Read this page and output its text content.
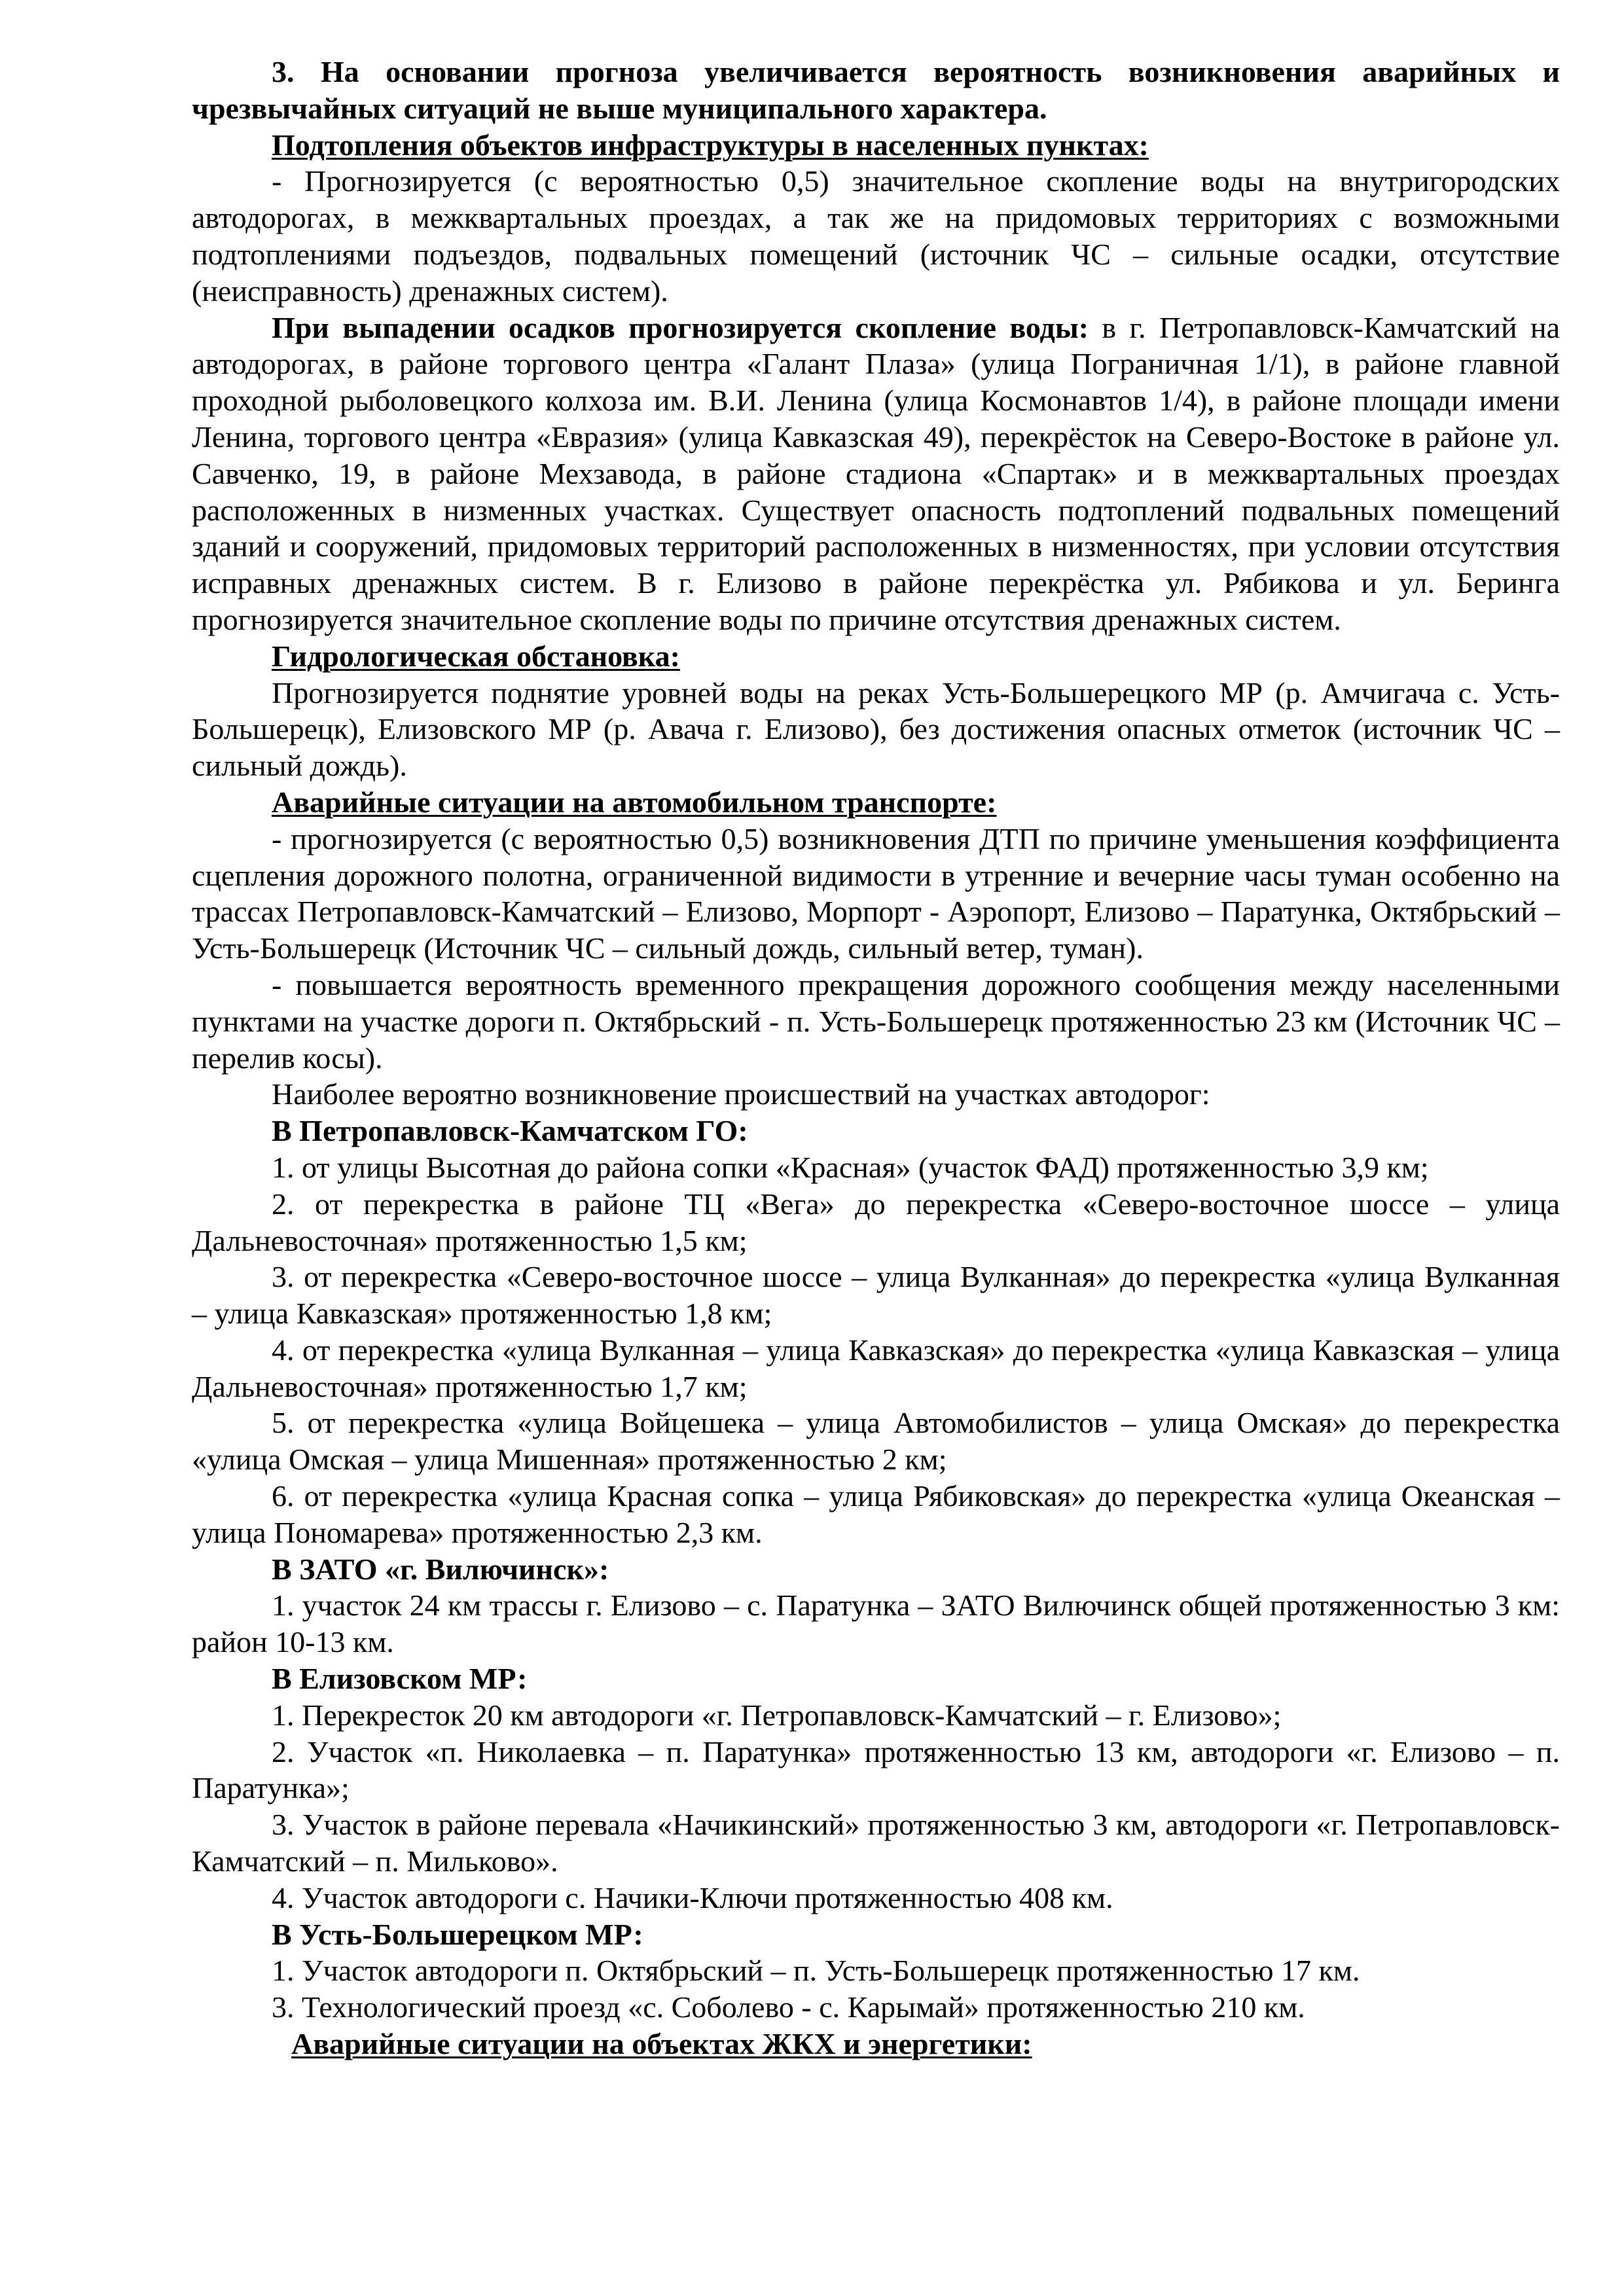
3. На основании прогноза увеличивается вероятность возникновения аварийных и чрезвычайных ситуаций не выше муниципального характера.

Подтопления объектов инфраструктуры в населенных пунктах:

- Прогнозируется (с вероятностью 0,5) значительное скопление воды на внутригородских автодорогах, в межквартальных проездах, а так же на придомовых территориях с возможными подтоплениями подъездов, подвальных помещений (источник ЧС – сильные осадки, отсутствие (неисправность) дренажных систем).

При выпадении осадков прогнозируется скопление воды: в г. Петропавловск-Камчатский на автодорогах, в районе торгового центра «Галант Плаза» (улица Пограничная 1/1), в районе главной проходной рыболовецкого колхоза им. В.И. Ленина (улица Космонавтов 1/4), в районе площади имени Ленина, торгового центра «Евразия» (улица Кавказская 49), перекрёсток на Северо-Востоке в районе ул. Савченко, 19, в районе Мехзавода, в районе стадиона «Спартак» и в межквартальных проездах расположенных в низменных участках. Существует опасность подтоплений подвальных помещений зданий и сооружений, придомовых территорий расположенных в низменностях, при условии отсутствия исправных дренажных систем. В г. Елизово в районе перекрёстка ул. Рябикова и ул. Беринга прогнозируется значительное скопление воды по причине отсутствия дренажных систем.

Гидрологическая обстановка:

Прогнозируется поднятие уровней воды на реках Усть-Большерецкого МР (р. Амчигача с. Усть-Большерецк), Елизовского МР (р. Авача г. Елизово), без достижения опасных отметок (источник ЧС – сильный дождь).

Аварийные ситуации на автомобильном транспорте:

- прогнозируется (с вероятностью 0,5) возникновения ДТП по причине уменьшения коэффициента сцепления дорожного полотна, ограниченной видимости в утренние и вечерние часы туман особенно на трассах Петропавловск-Камчатский – Елизово, Морпорт - Аэропорт, Елизово – Паратунка, Октябрьский – Усть-Большерецк (Источник ЧС – сильный дождь, сильный ветер, туман).

- повышается вероятность временного прекращения дорожного сообщения между населенными пунктами на участке дороги п. Октябрьский - п. Усть-Большерецк протяженностью 23 км (Источник ЧС – перелив косы).

Наиболее вероятно возникновение происшествий на участках автодорог:

В Петропавловск-Камчатском ГО:

1. от улицы Высотная до района сопки «Красная» (участок ФАД) протяженностью 3,9 км;

2. от перекрестка в районе ТЦ «Вега» до перекрестка «Северо-восточное шоссе – улица Дальневосточная» протяженностью 1,5 км;

3. от перекрестка «Северо-восточное шоссе – улица Вулканная» до перекрестка «улица Вулканная – улица Кавказская» протяженностью 1,8 км;

4. от перекрестка «улица Вулканная – улица Кавказская» до перекрестка «улица Кавказская – улица Дальневосточная» протяженностью 1,7 км;

5. от перекрестка «улица Войцешека – улица Автомобилистов – улица Омская» до перекрестка «улица Омская – улица Мишенная» протяженностью 2 км;

6. от перекрестка «улица Красная сопка – улица Рябиковская» до перекрестка «улица Океанская – улица Пономарева» протяженностью 2,3 км.

В ЗАТО «г. Вилючинск»:

1. участок 24 км трассы г. Елизово – с. Паратунка – ЗАТО Вилючинск общей протяженностью 3 км: район 10-13 км.

В Елизовском МР:

1. Перекресток 20 км автодороги «г. Петропавловск-Камчатский – г. Елизово»;

2. Участок «п. Николаевка – п. Паратунка» протяженностью 13 км, автодороги «г. Елизово – п. Паратунка»;

3. Участок в районе перевала «Начикинский» протяженностью 3 км, автодороги «г. Петропавловск-Камчатский – п. Мильково».

4. Участок автодороги с. Начики-Ключи протяженностью 408 км.

В Усть-Большерецком МР:

1. Участок автодороги п. Октябрьский – п. Усть-Большерецк протяженностью 17 км.

3. Технологический проезд «с. Соболево - с. Карымай» протяженностью 210 км.

Аварийные ситуации на объектах ЖКХ и энергетики:
